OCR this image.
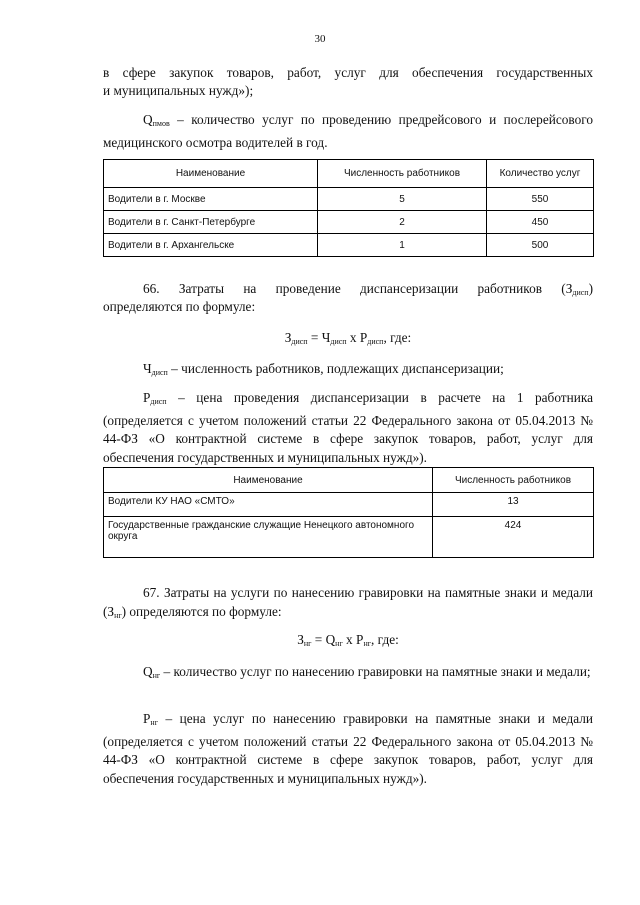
30
в сфере закупок товаров, работ, услуг для обеспечения государственных
и муниципальных нужд»);
$Q_{пмов}$ – количество услуг по проведению предрейсового и послерейсового медицинского осмотра водителей в год.
Наименование	Численность работников	Количество услуг
Водители в г. Москве	5	550
Водители в г. Санкт-Петербурге	2	450
Водители в г. Архангельске	1	500
66. Затраты на проведение диспансеризации работников $(З_{дисп})$
определяются по формуле:
$З_{дисп} = Ч_{дисп}$ х $Р_{дисп}$, где:
$Ч_{дисп}$ – численность работников, подлежащих диспансеризации;
$Р_{дисп}$ – цена проведения диспансеризации в расчете на 1 работника (определяется с учетом положений статьи 22 Федерального закона от 05.04.2013 № 44-ФЗ «О контрактной системе в сфере закупок товаров, работ, услуг для обеспечения государственных и муниципальных нужд»).
Наименование	Численность работников
Водители КУ НАО «СМТО»	13
Государственные гражданские служащие Ненецкого автономного округа	424
67. Затраты на услуги по нанесению гравировки на памятные знаки и медали $(З_{нг})$ определяются по формуле:
$З_{нг} = Q_{нг}$ х $Р_{нг}$, где:
$Q_{нг}$ – количество услуг по нанесению гравировки на памятные знаки и медали;
$Р_{нг}$ – цена услуг по нанесению гравировки на памятные знаки и медали (определяется с учетом положений статьи 22 Федерального закона от 05.04.2013 № 44-ФЗ «О контрактной системе в сфере закупок товаров, работ, услуг для обеспечения государственных и муниципальных нужд»).
